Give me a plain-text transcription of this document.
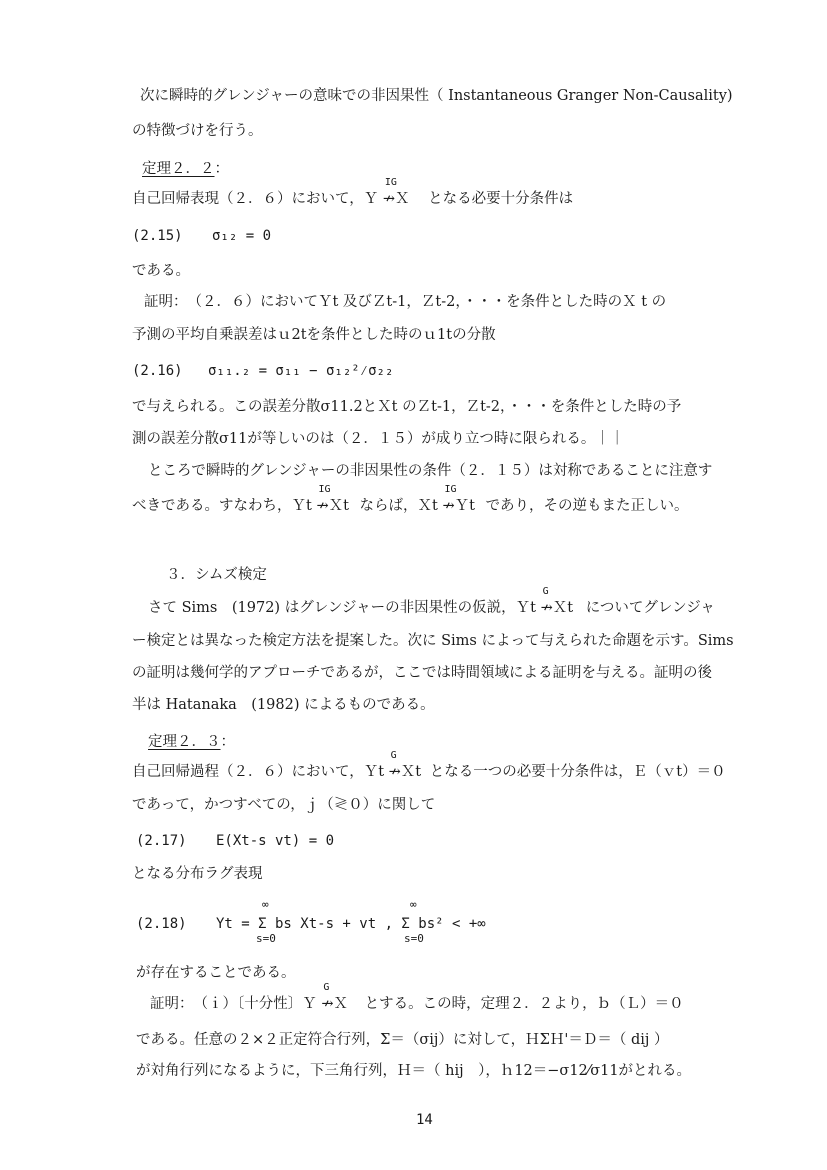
次に瞬時的グレンジャーの意味での非因果性（ Instantaneous Granger Non-Causality)
の特徴づけを行う。
定理２．２：
自己回帰表現（２．６）において，Ｙ
IG
↛Ｘ となる必要十分条件は
(2.15) σ₁₂ = 0
である。
証明：　（２．６）においてＹt 及びＺt-1，Ｚt-2，・・・を条件とした時のＸ t の
予測の平均自乗誤差はｕ2tを条件とした時のｕ1tの分散
(2.16) σ₁₁.₂ = σ₁₁ − σ₁₂²⁄σ₂₂
で与えられる。この誤差分散σ11.2とＸt のＺt-1，Ｚt-2，・・・を条件とした時の予
測の誤差分散σ11が等しいのは（２．１５）が成り立つ時に限られる。｜｜
ところで瞬時的グレンジャーの非因果性の条件（２．１５）は対称であることに注意す
べきである。すなわち，Ｙt
IG
↛Ｘt ならば，Ｘt
IG
↛Ｙt であり，その逆もまた正しい。
３．シムズ検定
さて Sims　(1972) はグレンジャーの非因果性の仮説，Ｙt
G
↛Ｘt についてグレンジャ
ー検定とは異なった検定方法を提案した。次に Sims によって与えられた命題を示す。Sims
の証明は幾何学的アプローチであるが，ここでは時間領域による証明を与える。証明の後
半は Hatanaka　(1982) によるものである。
定理２．３：
自己回帰過程（２．６）において，Ｙt
G
↛Ｘt となる一つの必要十分条件は，Ｅ（ｖt）＝０
であって，かつすべての，ｊ（≷０）に関して
(2.17) E(Xt-s vt) = 0
となる分布ラグ表現
(2.18)
∞
s=0
∞
s=0
Yt = Σ bs Xt-s + vt , Σ bs² < +∞
が存在することである。
証明：　（ｉ）〔十分性〕Ｙ
G
↛Ｘ とする。この時，定理２．２より，ｂ（Ｌ）＝０
である。任意の２×２正定符合行列，Σ＝（σij）に対して，ＨΣＨ'＝Ｄ＝（ dij ）
が対角行列になるように，下三角行列，Ｈ＝（ hij　），ｈ12＝−σ12⁄σ11がとれる。
14
